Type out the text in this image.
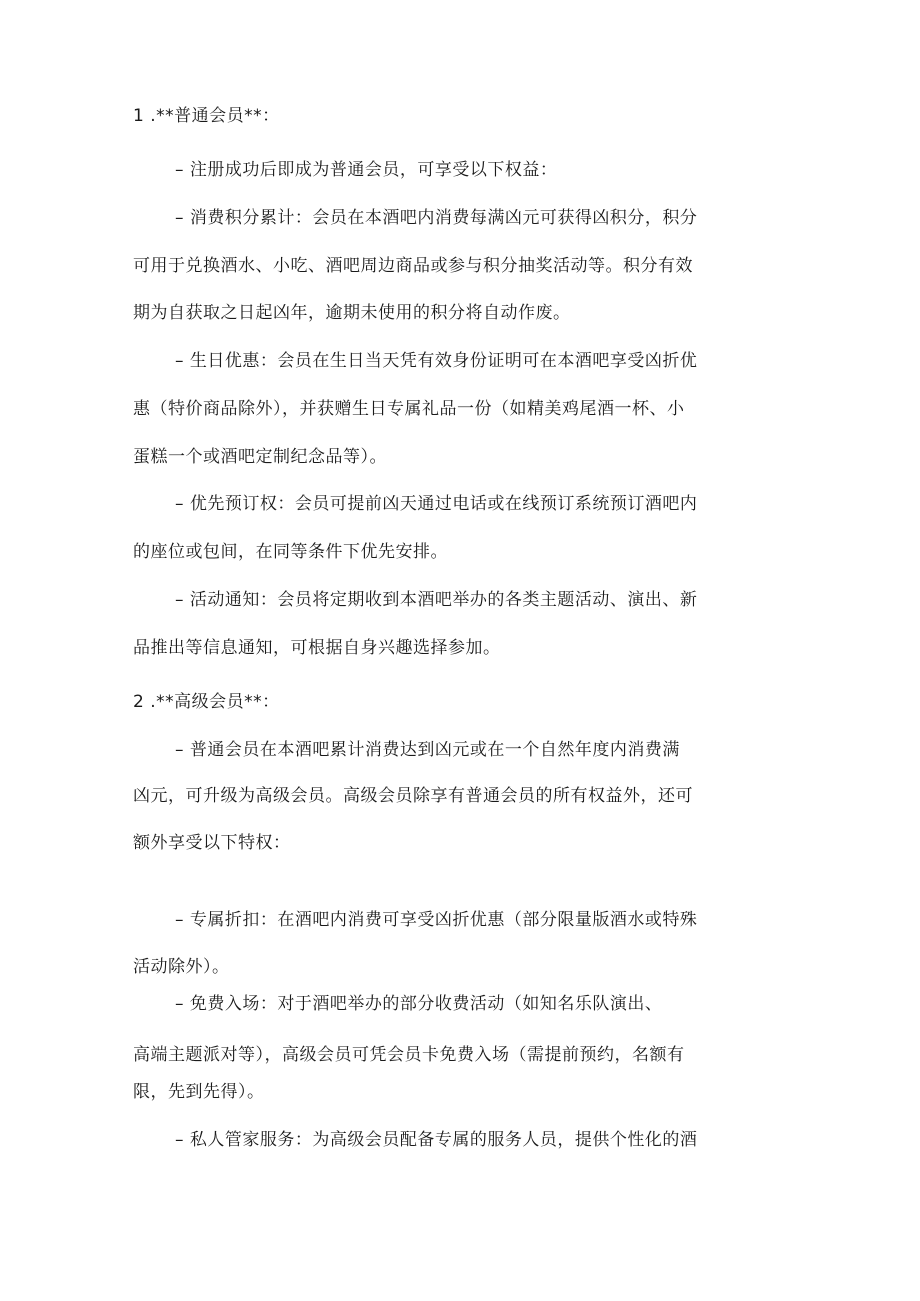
1 .**普通会员**：
– 注册成功后即成为普通会员，可享受以下权益：
– 消费积分累计：会员在本酒吧内消费每满凶元可获得凶积分，积分
可用于兑换酒水、小吃、酒吧周边商品或参与积分抽奖活动等。积分有效
期为自获取之日起凶年，逾期未使用的积分将自动作废。
– 生日优惠：会员在生日当天凭有效身份证明可在本酒吧享受凶折优
惠（特价商品除外），并获赠生日专属礼品一份（如精美鸡尾酒一杯、小
蛋糕一个或酒吧定制纪念品等）。
– 优先预订权：会员可提前凶天通过电话或在线预订系统预订酒吧内
的座位或包间，在同等条件下优先安排。
– 活动通知：会员将定期收到本酒吧举办的各类主题活动、演出、新
品推出等信息通知，可根据自身兴趣选择参加。
2 .**高级会员**：
– 普通会员在本酒吧累计消费达到凶元或在一个自然年度内消费满
凶元，可升级为高级会员。高级会员除享有普通会员的所有权益外，还可
额外享受以下特权：
– 专属折扣：在酒吧内消费可享受凶折优惠（部分限量版酒水或特殊
活动除外）。
– 免费入场：对于酒吧举办的部分收费活动（如知名乐队演出、
高端主题派对等），高级会员可凭会员卡免费入场（需提前预约，名额有
限，先到先得）。
– 私人管家服务：为高级会员配备专属的服务人员，提供个性化的酒
